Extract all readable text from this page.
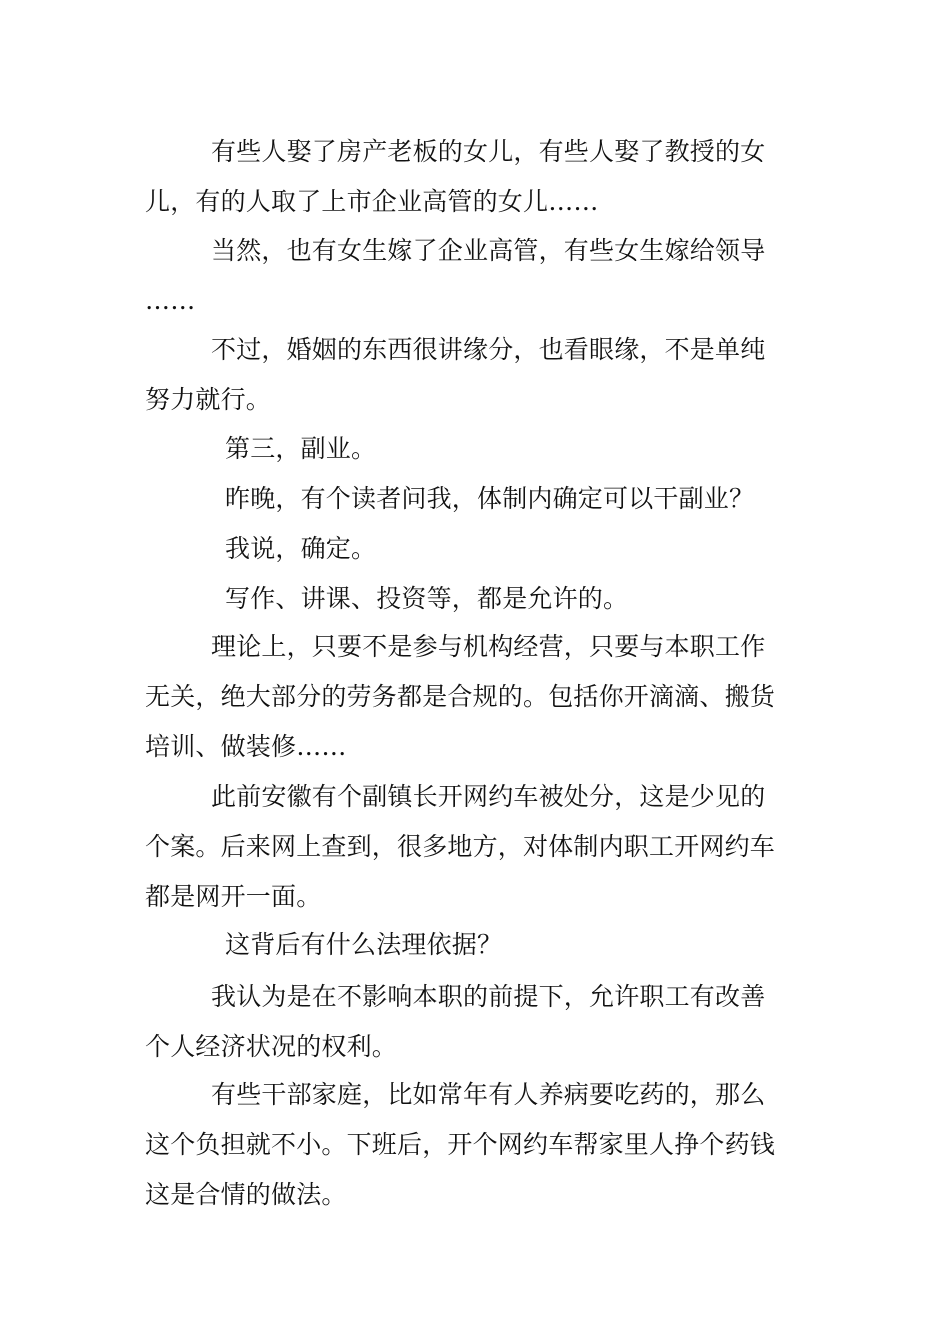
有些人娶了房产老板的女儿，有些人娶了教授的女
儿，有的人取了上市企业高管的女儿……
当然，也有女生嫁了企业高管，有些女生嫁给领导
……
不过，婚姻的东西很讲缘分，也看眼缘，不是单纯
努力就行。
第三，副业。
昨晚，有个读者问我，体制内确定可以干副业？
我说，确定。
写作、讲课、投资等，都是允许的。
理论上，只要不是参与机构经营，只要与本职工作
无关，绝大部分的劳务都是合规的。包括你开滴滴、搬货
培训、做装修……
此前安徽有个副镇长开网约车被处分，这是少见的
个案。后来网上查到，很多地方，对体制内职工开网约车
都是网开一面。
这背后有什么法理依据？
我认为是在不影响本职的前提下，允许职工有改善
个人经济状况的权利。
有些干部家庭，比如常年有人养病要吃药的，那么
这个负担就不小。下班后，开个网约车帮家里人挣个药钱
这是合情的做法。
